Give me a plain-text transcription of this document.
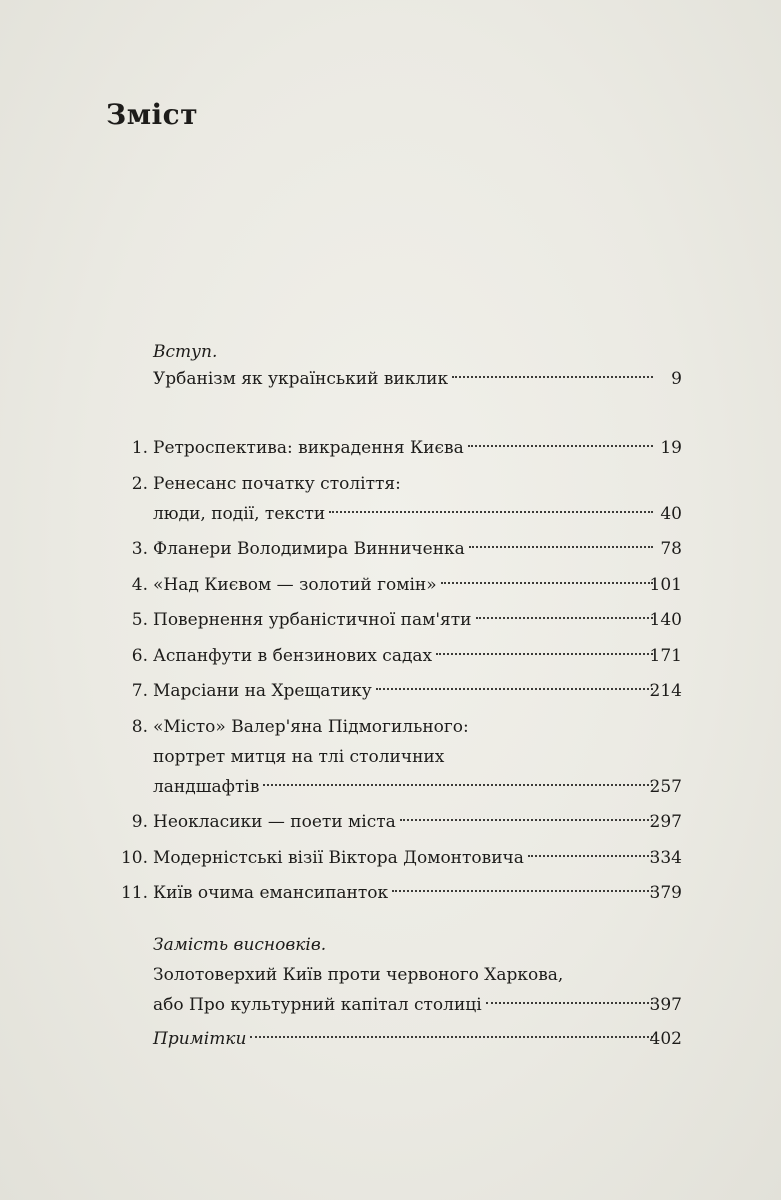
Зміст
Вступ.
Урбанізм як український виклик	9
1. Ретроспектива: викрадення Києва	19
2. Ренесанс початку століття:
люди, події, тексти	40
3. Фланери Володимира Винниченка	78
4. «Над Києвом — золотий гомін»	101
5. Повернення урбаністичної пам'яти	140
6. Аспанфути в бензинових садах	171
7. Марсіани на Хрещатику	214
8. «Місто» Валер'яна Підмогильного:
портрет митця на тлі столичних
ландшафтів	257
9. Неокласики — поети міста	297
10. Модерністські візії Віктора Домонтовича	334
11. Київ очима емансипанток	379
Замість висновків.
Золотоверхий Київ проти червоного Харкова,
або Про культурний капітал столиці	397
Примітки	402
